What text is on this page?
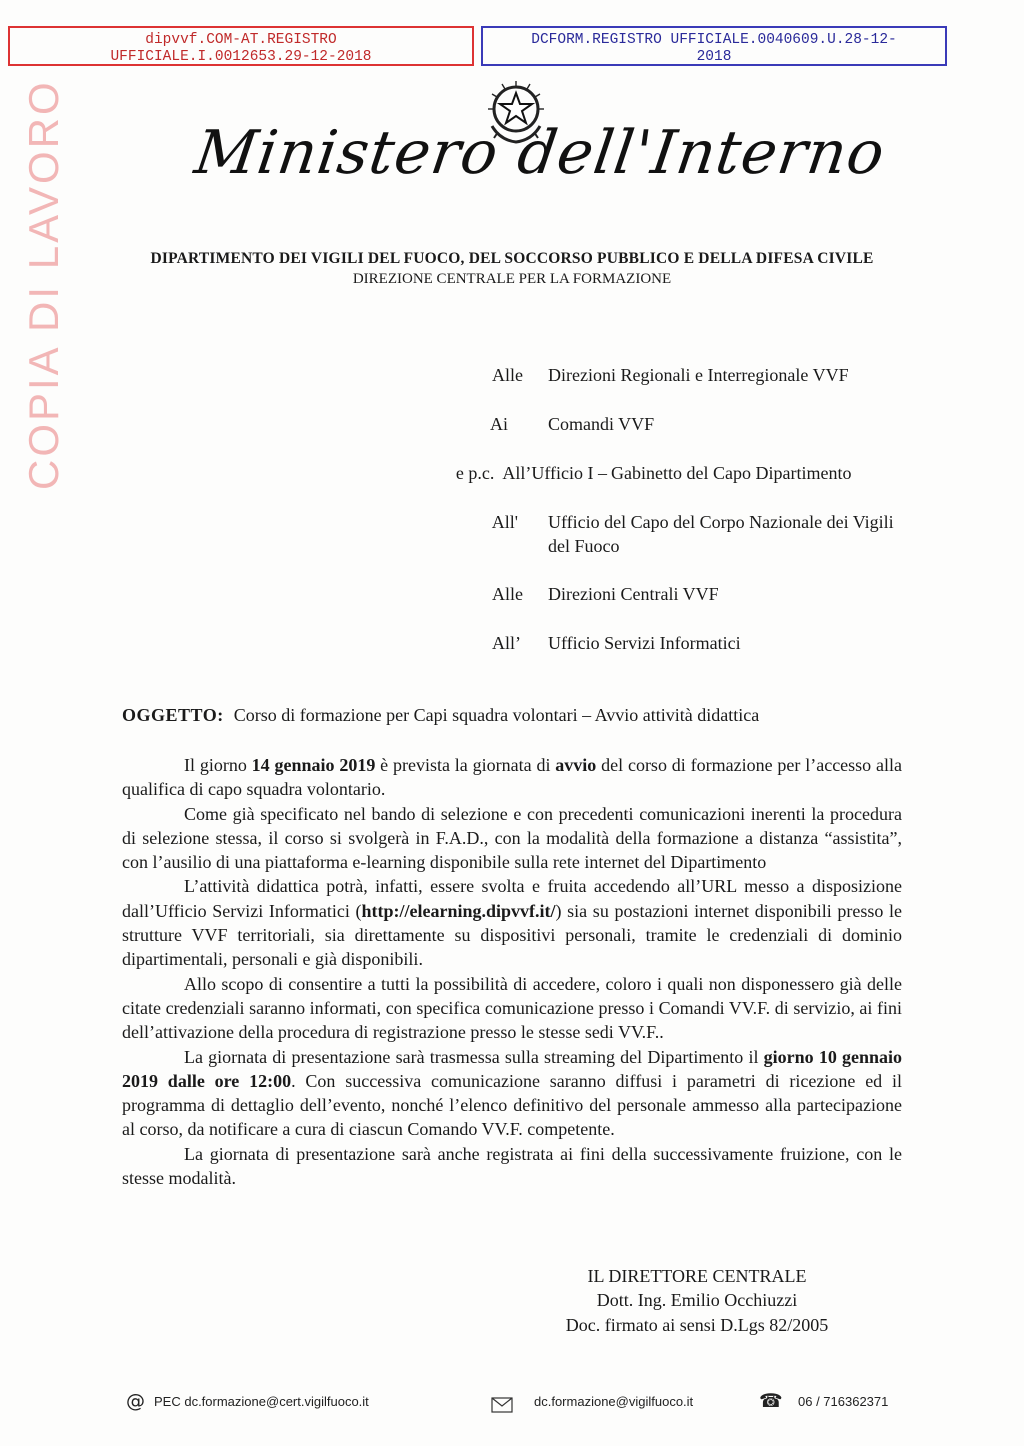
dipvvf.COM-AT.REGISTRO
UFFICIALE.I.0012653.29-12-2018
DCFORM.REGISTRO UFFICIALE.0040609.U.28-12-
2018
COPIA DI LAVORO	Ministero dell'Interno
DIPARTIMENTO DEI VIGILI DEL FUOCO, DEL SOCCORSO PUBBLICO E DELLA DIFESA CIVILE
DIREZIONE CENTRALE PER LA FORMAZIONE
Alle Direzioni Regionali e Interregionale VVF
Ai Comandi VVF
e p.c.  All’Ufficio I – Gabinetto del Capo Dipartimento
All' Ufficio del Capo del Corpo Nazionale dei Vigili del Fuoco
Alle Direzioni Centrali VVF
All’ Ufficio Servizi Informatici
OGGETTO: Corso di formazione per Capi squadra volontari – Avvio attività didattica

Il giorno 14 gennaio 2019 è prevista la giornata di avvio del corso di formazione per l’accesso alla qualifica di capo squadra volontario.

Come già specificato nel bando di selezione e con precedenti comunicazioni inerenti la procedura di selezione stessa, il corso si svolgerà in F.A.D., con la modalità della formazione a distanza “assistita”, con l’ausilio di una piattaforma e-learning disponibile sulla rete internet del Dipartimento

L’attività didattica potrà, infatti, essere svolta e fruita accedendo all’URL messo a disposizione dall’Ufficio Servizi Informatici (http://elearning.dipvvf.it/) sia su postazioni internet disponibili presso le strutture VVF territoriali, sia direttamente su dispositivi personali, tramite le credenziali di dominio dipartimentali, personali e già disponibili.

Allo scopo di consentire a tutti la possibilità di accedere, coloro i quali non disponessero già delle citate credenziali saranno informati, con specifica comunicazione presso i Comandi VV.F. di servizio, ai fini dell’attivazione della procedura di registrazione presso le stesse sedi VV.F..

La giornata di presentazione sarà trasmessa sulla streaming del Dipartimento il giorno 10 gennaio 2019 dalle ore 12:00. Con successiva comunicazione saranno diffusi i parametri di ricezione ed il programma di dettaglio dell’evento, nonché l’elenco definitivo del personale ammesso alla partecipazione al corso, da notificare a cura di ciascun Comando VV.F. competente.

La giornata di presentazione sarà anche registrata ai fini della successivamente fruizione, con le stesse modalità.

IL DIRETTORE CENTRALE
Dott. Ing. Emilio Occhiuzzi
Doc. firmato ai sensi D.Lgs 82/2005
@ PEC dc.formazione@cert.vigilfuoco.it	dc.formazione@vigilfuoco.it	☎ 06 / 716362371
